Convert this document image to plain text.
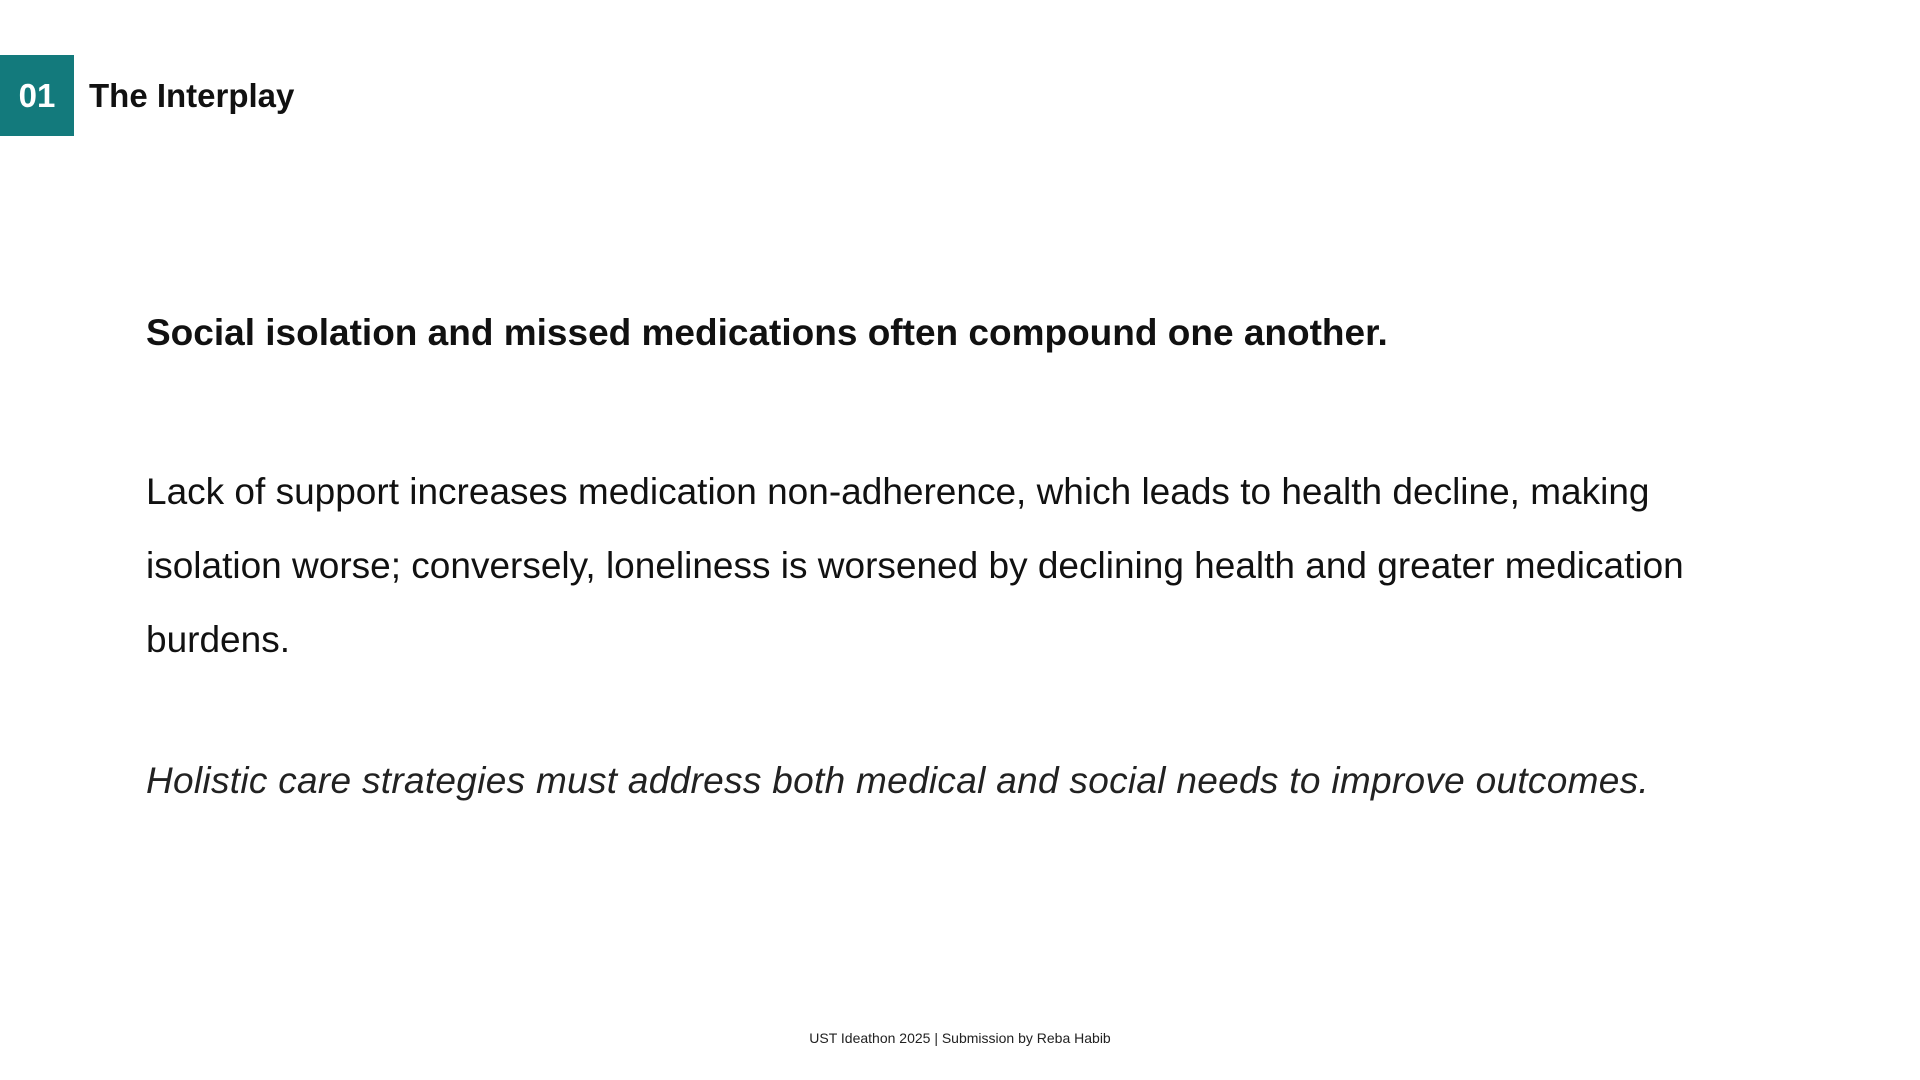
01	The Interplay

Social isolation and missed medications often compound one another.

Lack of support increases medication non-adherence, which leads to health decline, making isolation worse; conversely, loneliness is worsened by declining health and greater medication burdens.

Holistic care strategies must address both medical and social needs to improve outcomes.

UST Ideathon 2025 | Submission by Reba Habib
